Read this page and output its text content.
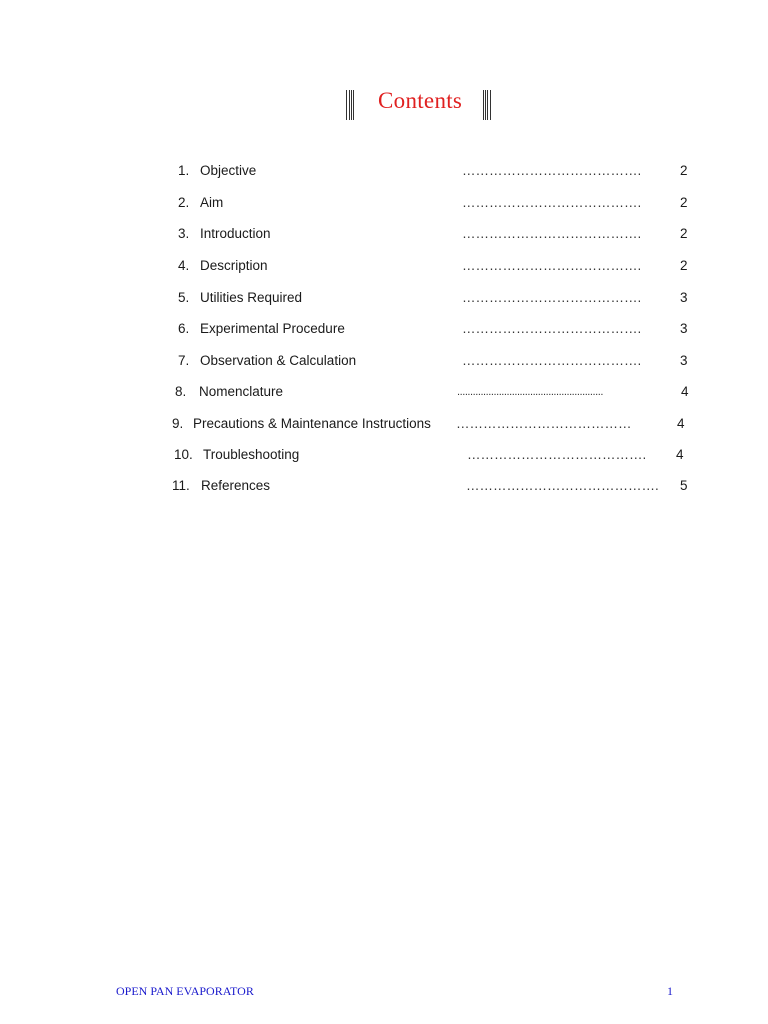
Contents
1. Objective	………………………………….	2
2. Aim	………………………………….	2
3. Introduction	………………………………….	2
4. Description	………………………………….	2
5. Utilities Required	………………………………….	3
6. Experimental Procedure	………………………………….	3
7. Observation & Calculation	………………………………….	3
8. Nomenclature	........................................................	4
9. Precautions & Maintenance Instructions …………………………………	4
10. Troubleshooting	…………………………………. 4
11. References	……………………………………. 5
OPEN PAN EVAPORATOR	1
